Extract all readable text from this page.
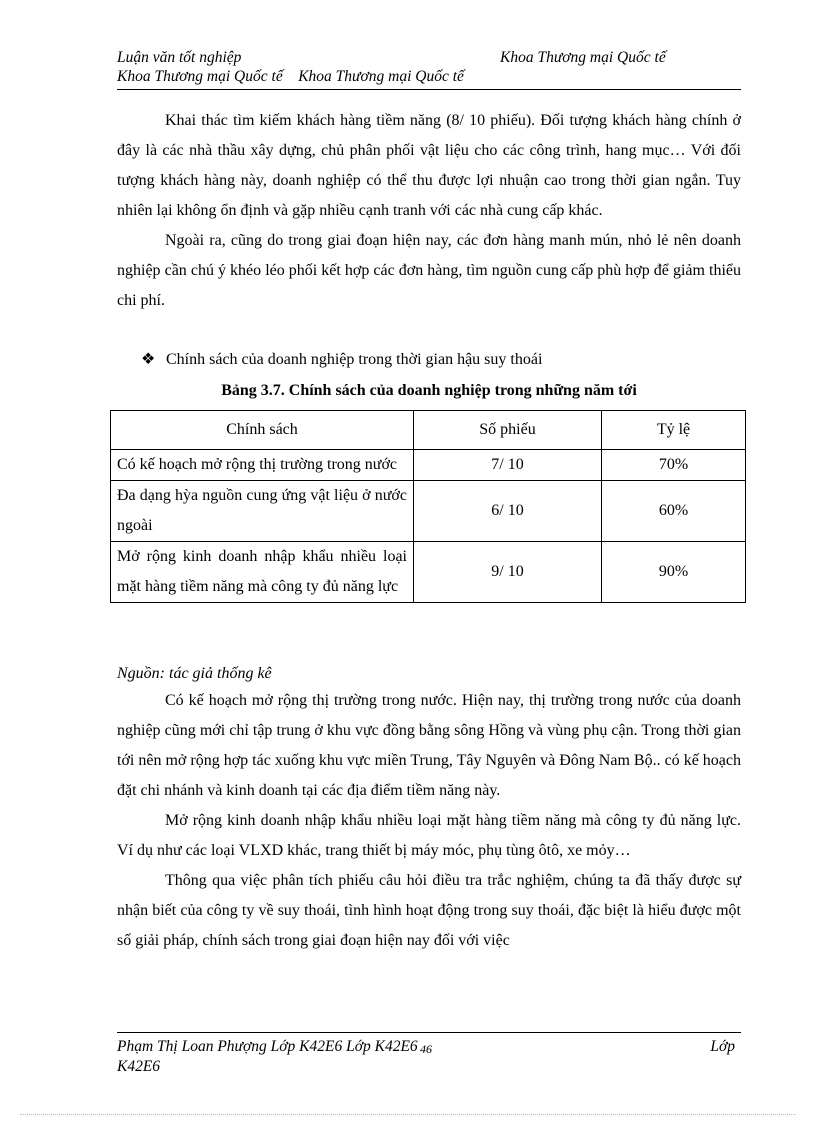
Luận văn tốt nghiệp	Khoa Thương mại Quốc tế
Khoa Thương mại Quốc tế    Khoa Thương mại Quốc tế

Khai thác tìm kiếm khách hàng tiềm năng (8/ 10 phiếu). Đối tượng khách hàng chính ở đây là các nhà thầu xây dựng, chủ phân phối vật liệu cho các công trình, hang mục… Với đối tượng khách hàng này, doanh nghiệp có thể thu được lợi nhuận cao trong thời gian ngắn. Tuy nhiên lại không ổn định và gặp nhiều cạnh tranh với các nhà cung cấp khác.

Ngoài ra, cũng do trong giai đoạn hiện nay, các đơn hàng manh mún, nhỏ lẻ nên doanh nghiệp cần chú ý khéo léo phối kết hợp các đơn hàng, tìm nguồn cung cấp phù hợp để giảm thiểu chi phí.

❖ Chính sách của doanh nghiệp trong thời gian hậu suy thoái
Bảng 3.7. Chính sách của doanh nghiệp trong những năm tới
Chính sách	Số phiếu	Tỷ lệ
Có kế hoạch mở rộng thị trường trong nước	7/ 10	70%
Đa dạng hỳa nguồn cung ứng vật liệu ở nước ngoài	6/ 10	60%
Mở rộng kinh doanh nhập khẩu nhiều loại mặt hàng tiềm năng mà công ty đủ năng lực	9/ 10	90%
Nguồn: tác giả thống kê

Có kế hoạch mở rộng thị trường trong nước. Hiện nay, thị trường trong nước của doanh nghiệp cũng mới chỉ tập trung ở khu vực đồng bằng sông Hồng và vùng phụ cận. Trong thời gian tới nên mở rộng hợp tác xuống khu vực miền Trung, Tây Nguyên và Đông Nam Bộ.. có kế hoạch đặt chi nhánh và kinh doanh tại các địa điểm tiềm năng này.

Mở rộng kinh doanh nhập khẩu nhiều loại mặt hàng tiềm năng mà công ty đủ năng lực. Ví dụ như các loại VLXD khác, trang thiết bị máy móc, phụ tùng ôtô, xe mỏy…

Thông qua việc phân tích phiếu câu hỏi điều tra trắc nghiệm, chúng ta đã thấy được sự nhận biết của công ty về suy thoái, tình hình hoạt động trong suy thoái, đặc biệt là hiểu được một số giải pháp, chính sách trong giai đoạn hiện nay đối với việc

Phạm Thị Loan Phượng Lớp K42E6 Lớp K42E6
K42E6
Lớp
46
